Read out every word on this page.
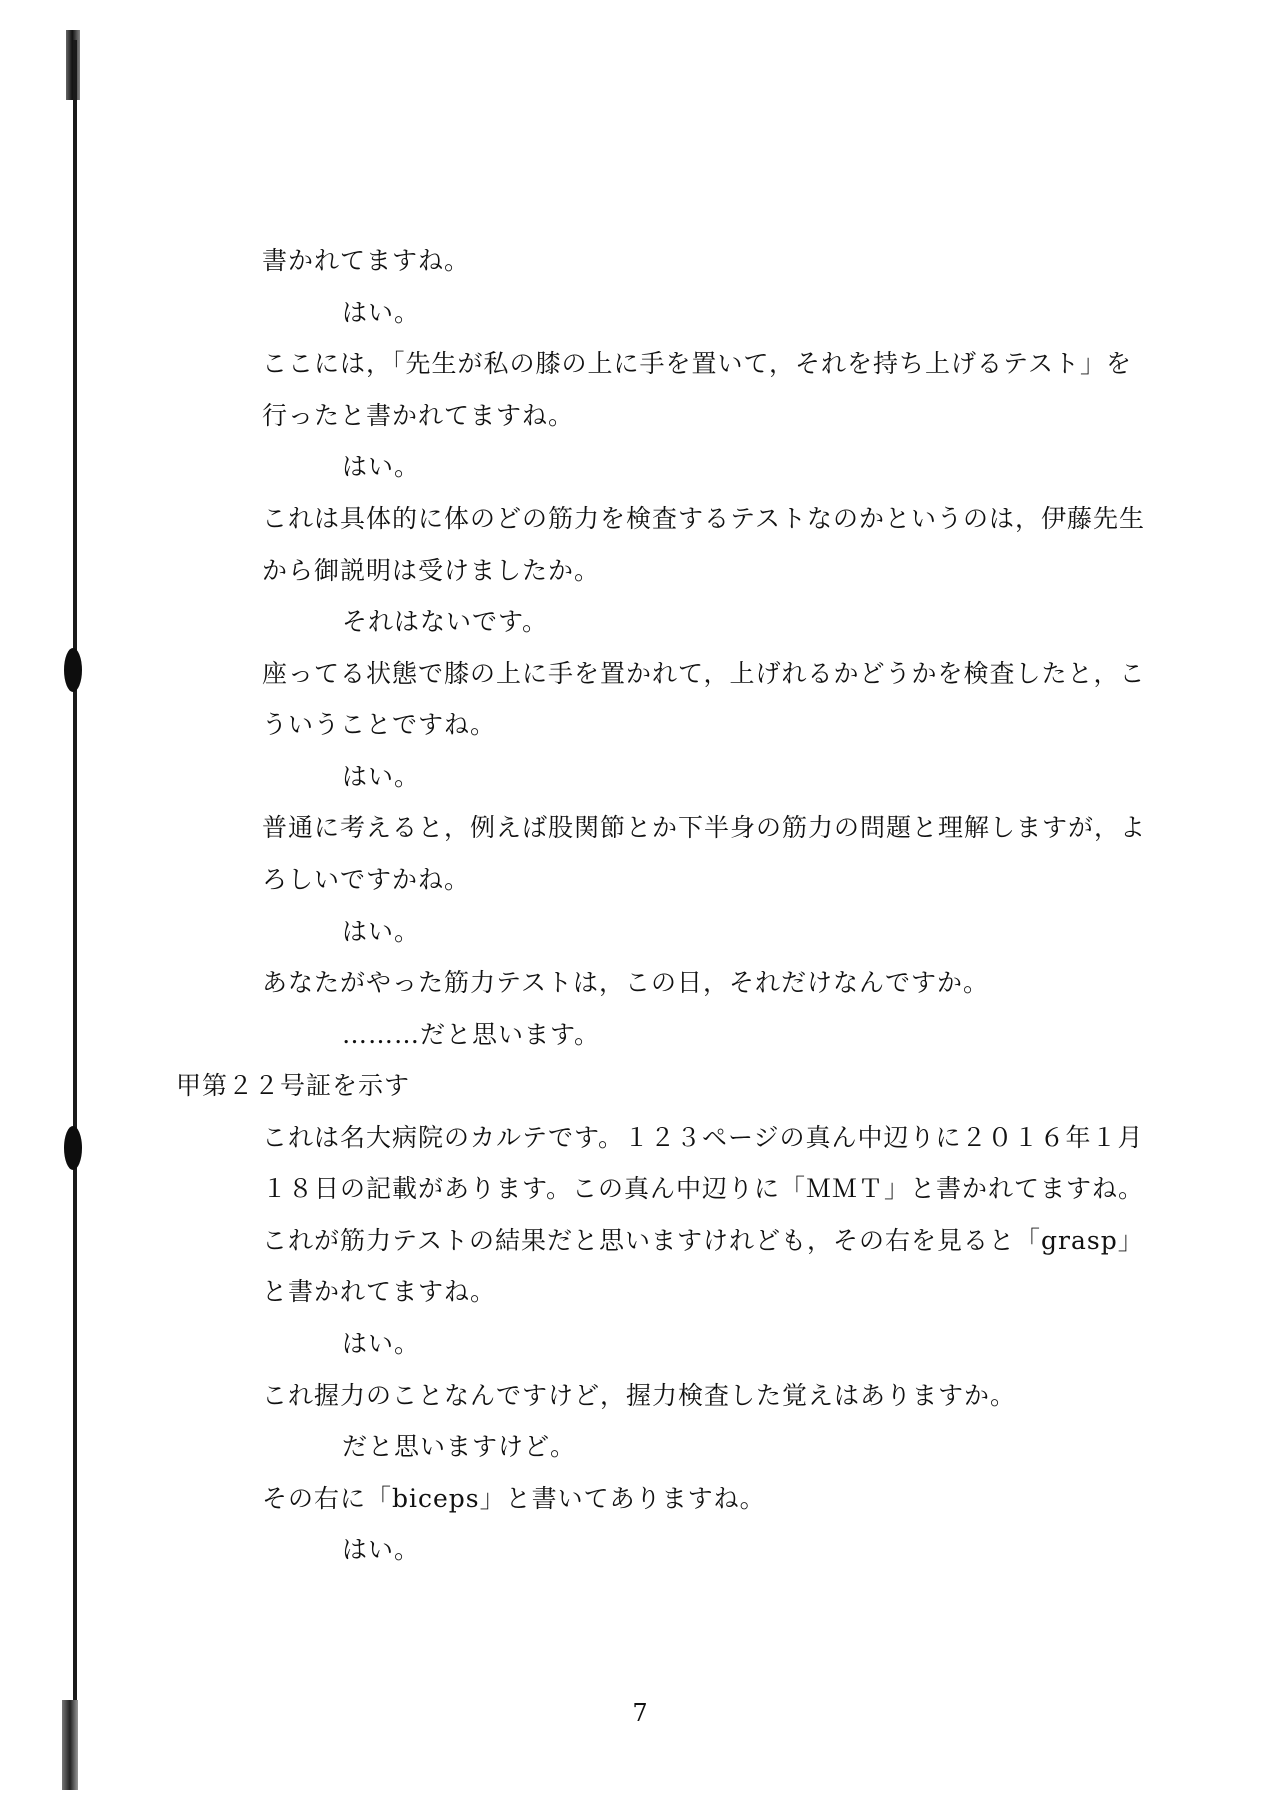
書かれてますね。
はい。
ここには，「先生が私の膝の上に手を置いて，それを持ち上げるテスト」を
行ったと書かれてますね。
はい。
これは具体的に体のどの筋力を検査するテストなのかというのは，伊藤先生
から御説明は受けましたか。
それはないです。
座ってる状態で膝の上に手を置かれて，上げれるかどうかを検査したと，こ
ういうことですね。
はい。
普通に考えると，例えば股関節とか下半身の筋力の問題と理解しますが，よ
ろしいですかね。
はい。
あなたがやった筋力テストは，この日，それだけなんですか。
………だと思います。
甲第２２号証を示す
これは名大病院のカルテです。１２３ページの真ん中辺りに２０１６年１月
１８日の記載があります。この真ん中辺りに「ＭＭＴ」と書かれてますね。
これが筋力テストの結果だと思いますけれども，その右を見ると「grasp」
と書かれてますね。
はい。
これ握力のことなんですけど，握力検査した覚えはありますか。
だと思いますけど。
その右に「biceps」と書いてありますね。
はい。
7
